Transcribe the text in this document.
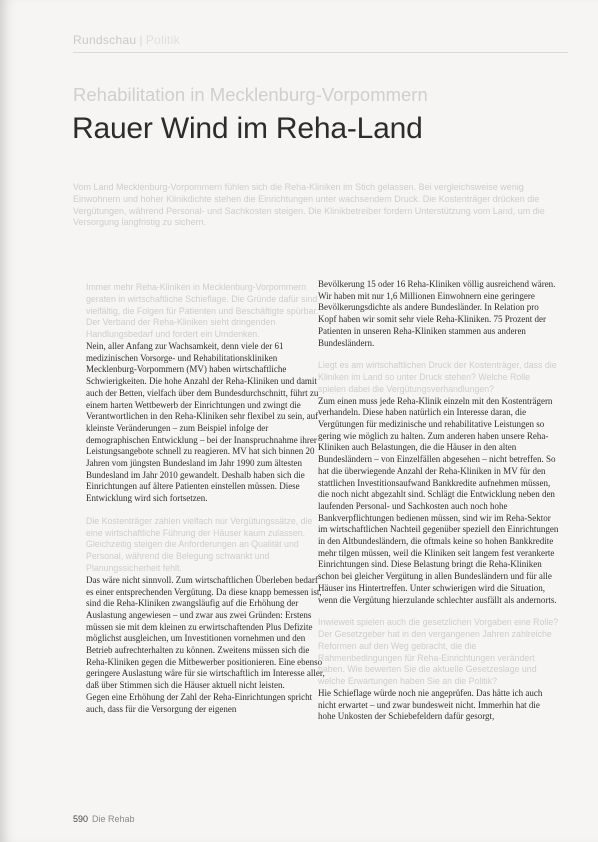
Rundschau | Politik
Rehabilitation in Mecklenburg-Vorpommern
Rauer Wind im Reha-Land

Vom Land Mecklenburg-Vorpommern fühlen sich die Reha-Kliniken im Stich gelassen. Bei vergleichsweise wenig Einwohnern und hoher Klinikdichte stehen die Einrichtungen unter wachsendem Druck. Die Kostenträger drücken die Vergütungen, während Personal- und Sachkosten steigen. Die Klinikbetreiber fordern Unterstützung vom Land, um die Versorgung langfristig zu sichern.

Immer mehr Reha-Kliniken in Mecklenburg-Vorpommern geraten in wirtschaftliche Schieflage. Die Gründe dafür sind vielfältig, die Folgen für Patienten und Beschäftigte spürbar. Der Verband der Reha-Kliniken sieht dringenden Handlungsbedarf und fordert ein Umdenken.

Nein, aller Anfang zur Wachsamkeit, denn viele der 61 medizinischen Vorsorge- und Rehabilitationskliniken Mecklenburg-Vorpommern (MV) haben wirtschaftliche Schwierigkeiten. Die hohe Anzahl der Reha-Kliniken und damit auch der Betten, vielfach über dem Bundesdurchschnitt, führt zu einem harten Wettbewerb der Einrichtungen und zwingt die Verantwortlichen in den Reha-Kliniken sehr flexibel zu sein, auf kleinste Veränderungen – zum Beispiel infolge der demographischen Entwicklung – bei der Inanspruchnahme ihrer Leistungsangebote schnell zu reagieren. MV hat sich binnen 20 Jahren vom jüngsten Bundesland im Jahr 1990 zum ältesten Bundesland im Jahr 2010 gewandelt. Deshalb haben sich die Einrichtungen auf ältere Patienten einstellen müssen. Diese Entwicklung wird sich fortsetzen.

Die Kostenträger zahlen vielfach nur Vergütungssätze, die eine wirtschaftliche Führung der Häuser kaum zulassen. Gleichzeitig steigen die Anforderungen an Qualität und Personal, während die Belegung schwankt und Planungssicherheit fehlt.

Das wäre nicht sinnvoll. Zum wirtschaftlichen Überleben bedarf es einer entsprechenden Vergütung. Da diese knapp bemessen ist, sind die Reha-Kliniken zwangsläufig auf die Erhöhung der Auslastung angewiesen – und zwar aus zwei Gründen: Erstens müssen sie mit dem kleinen zu erwirtschaftenden Plus Defizite möglichst ausgleichen, um Investitionen vornehmen und den Betrieb aufrechterhalten zu können. Zweitens müssen sich die Reha-Kliniken gegen die Mitbewerber positionieren. Eine ebenso geringere Auslastung wäre für sie wirtschaftlich im Interesse aller, daß über Stimmen sich die Häuser aktuell nicht leisten.

Gegen eine Erhöhung der Zahl der Reha-Einrichtungen spricht auch, dass für die Versorgung der eigenen

Bevölkerung 15 oder 16 Reha-Kliniken völlig ausreichend wären. Wir haben mit nur 1,6 Millionen Einwohnern eine geringere Bevölkerungsdichte als andere Bundesländer. In Relation pro Kopf haben wir somit sehr viele Reha-Kliniken. 75 Prozent der Patienten in unseren Reha-Kliniken stammen aus anderen Bundesländern.

Liegt es am wirtschaftlichen Druck der Kostenträger, dass die Kliniken im Land so unter Druck stehen? Welche Rolle spielen dabei die Vergütungsverhandlungen?

Zum einen muss jede Reha-Klinik einzeln mit den Kostenträgern verhandeln. Diese haben natürlich ein Interesse daran, die Vergütungen für medizinische und rehabilitative Leistungen so gering wie möglich zu halten. Zum anderen haben unsere Reha-Kliniken auch Belastungen, die die Häuser in den alten Bundesländern – von Einzelfällen abgesehen – nicht betreffen. So hat die überwiegende Anzahl der Reha-Kliniken in MV für den stattlichen Investitionsaufwand Bankkredite aufnehmen müssen, die noch nicht abgezahlt sind. Schlägt die Entwicklung neben den laufenden Personal- und Sachkosten auch noch hohe Bankverpflichtungen bedienen müssen, sind wir im Reha-Sektor im wirtschaftlichen Nachteil gegenüber speziell den Einrichtungen in den Altbundesländern, die oftmals keine so hohen Bankkredite mehr tilgen müssen, weil die Kliniken seit langem fest verankerte Einrichtungen sind. Diese Belastung bringt die Reha-Kliniken schon bei gleicher Vergütung in allen Bundesländern und für alle Häuser ins Hintertreffen. Unter schwierigen wird die Situation, wenn die Vergütung hierzulande schlechter ausfällt als andernorts.

Inwieweit spielen auch die gesetzlichen Vorgaben eine Rolle? Der Gesetzgeber hat in den vergangenen Jahren zahlreiche Reformen auf den Weg gebracht, die die Rahmenbedingungen für Reha-Einrichtungen verändert haben. Wie bewerten Sie die aktuelle Gesetzeslage und welche Erwartungen haben Sie an die Politik?

Hie Schieflage würde noch nie angeprüfen. Das hätte ich auch nicht erwartet – und zwar bundesweit nicht. Immerhin hat die hohe Unkosten der Schiebefeldern dafür gesorgt,

590 Die Rehab
